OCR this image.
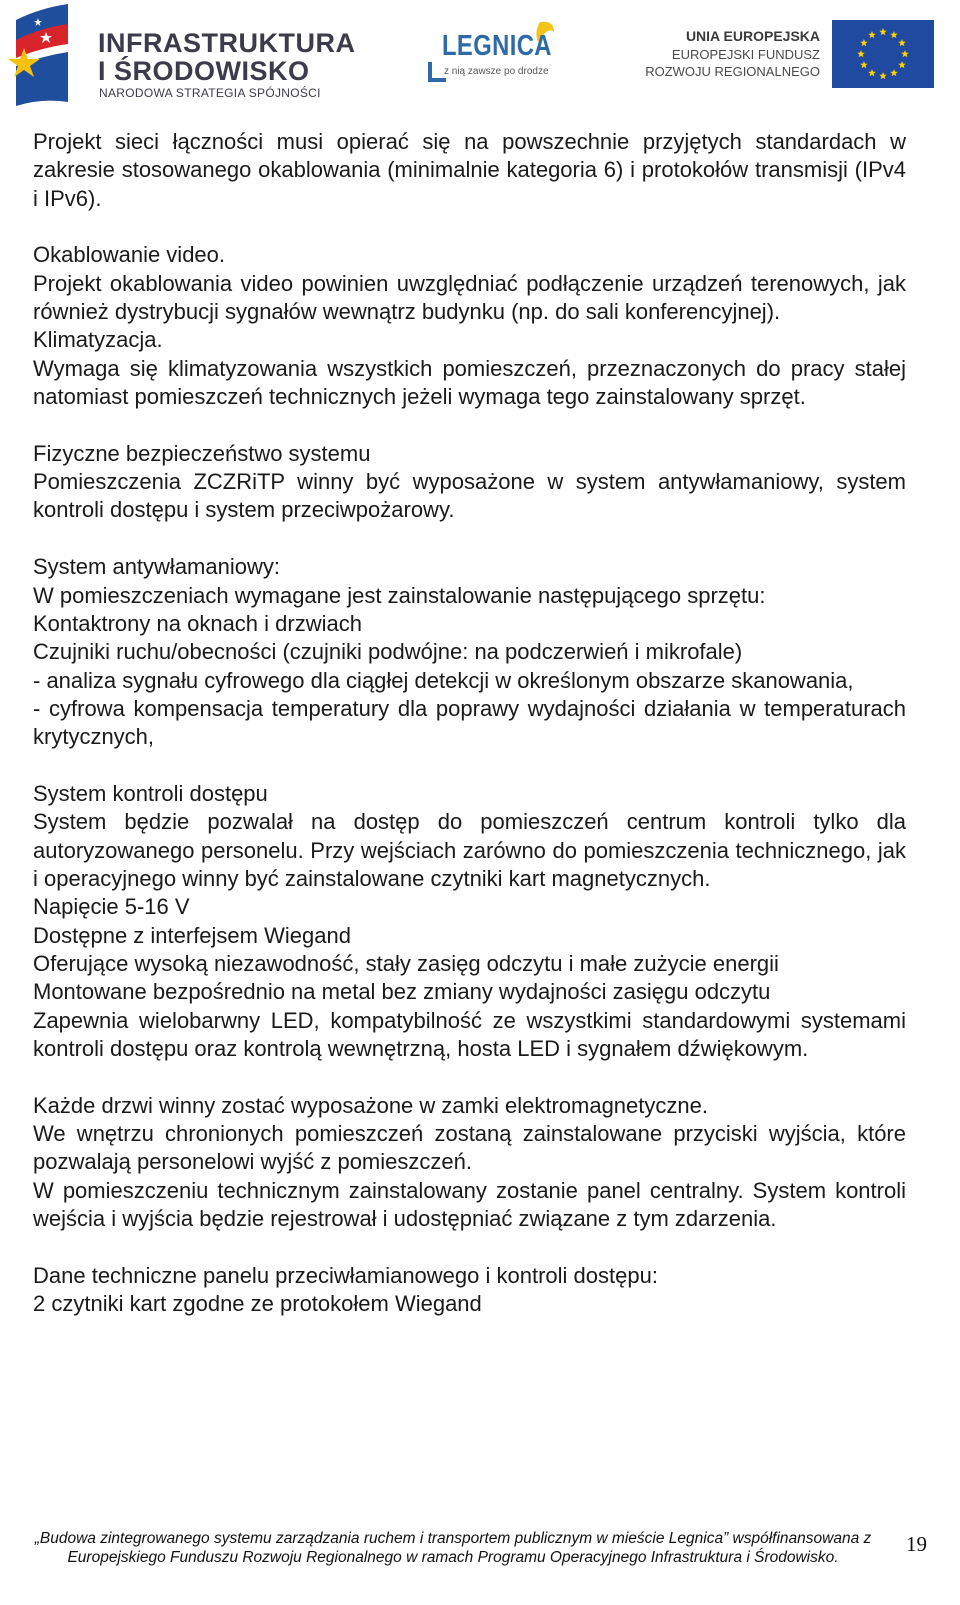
INFRASTRUKTURA
I ŚRODOWISKO
NARODOWA STRATEGIA SPÓJNOŚCI
LEGNICA
z nią zawsze po drodze
UNIA EUROPEJSKA
EUROPEJSKI FUNDUSZ
ROZWOJU REGIONALNEGO

Projekt sieci łączności musi opierać się na powszechnie przyjętych standardach w zakresie stosowanego okablowania (minimalnie kategoria 6) i protokołów transmisji (IPv4 i IPv6).

Okablowanie video.

Projekt okablowania video powinien uwzględniać podłączenie urządzeń terenowych, jak również dystrybucji sygnałów wewnątrz budynku (np. do sali konferencyjnej).

Klimatyzacja.

Wymaga się klimatyzowania wszystkich pomieszczeń, przeznaczonych do pracy stałej natomiast pomieszczeń technicznych jeżeli wymaga tego zainstalowany sprzęt.

Fizyczne bezpieczeństwo systemu

Pomieszczenia ZCZRiTP winny być wyposażone w system antywłamaniowy, system kontroli dostępu i system przeciwpożarowy.

System antywłamaniowy:

W pomieszczeniach wymagane jest zainstalowanie następującego sprzętu:

Kontaktrony na oknach i drzwiach

Czujniki ruchu/obecności (czujniki podwójne: na podczerwień i mikrofale)

- analiza sygnału cyfrowego dla ciągłej detekcji w określonym obszarze skanowania,

- cyfrowa kompensacja temperatury dla poprawy wydajności działania w temperaturach krytycznych,

System kontroli dostępu

System będzie pozwalał na dostęp do pomieszczeń centrum kontroli tylko dla autoryzowanego personelu. Przy wejściach zarówno do pomieszczenia technicznego, jak i operacyjnego winny być zainstalowane czytniki kart magnetycznych.

Napięcie 5-16 V

Dostępne z interfejsem Wiegand

Oferujące wysoką niezawodność, stały zasięg odczytu i małe zużycie energii

Montowane bezpośrednio na metal bez zmiany wydajności zasięgu odczytu

Zapewnia wielobarwny LED, kompatybilność ze wszystkimi standardowymi systemami kontroli dostępu oraz kontrolą wewnętrzną, hosta LED i sygnałem dźwiękowym.

Każde drzwi winny zostać wyposażone w zamki elektromagnetyczne.

We wnętrzu chronionych pomieszczeń zostaną zainstalowane przyciski wyjścia, które pozwalają personelowi wyjść z pomieszczeń.

W pomieszczeniu technicznym zainstalowany zostanie panel centralny. System kontroli wejścia i wyjścia będzie rejestrował i udostępniać związane z tym zdarzenia.

Dane techniczne panelu przeciwłamianowego i kontroli dostępu:

2 czytniki kart zgodne ze protokołem Wiegand

„Budowa zintegrowanego systemu zarządzania ruchem i transportem publicznym w mieście Legnica” współfinansowana z
Europejskiego Funduszu Rozwoju Regionalnego w ramach Programu Operacyjnego Infrastruktura i Środowisko.
19
